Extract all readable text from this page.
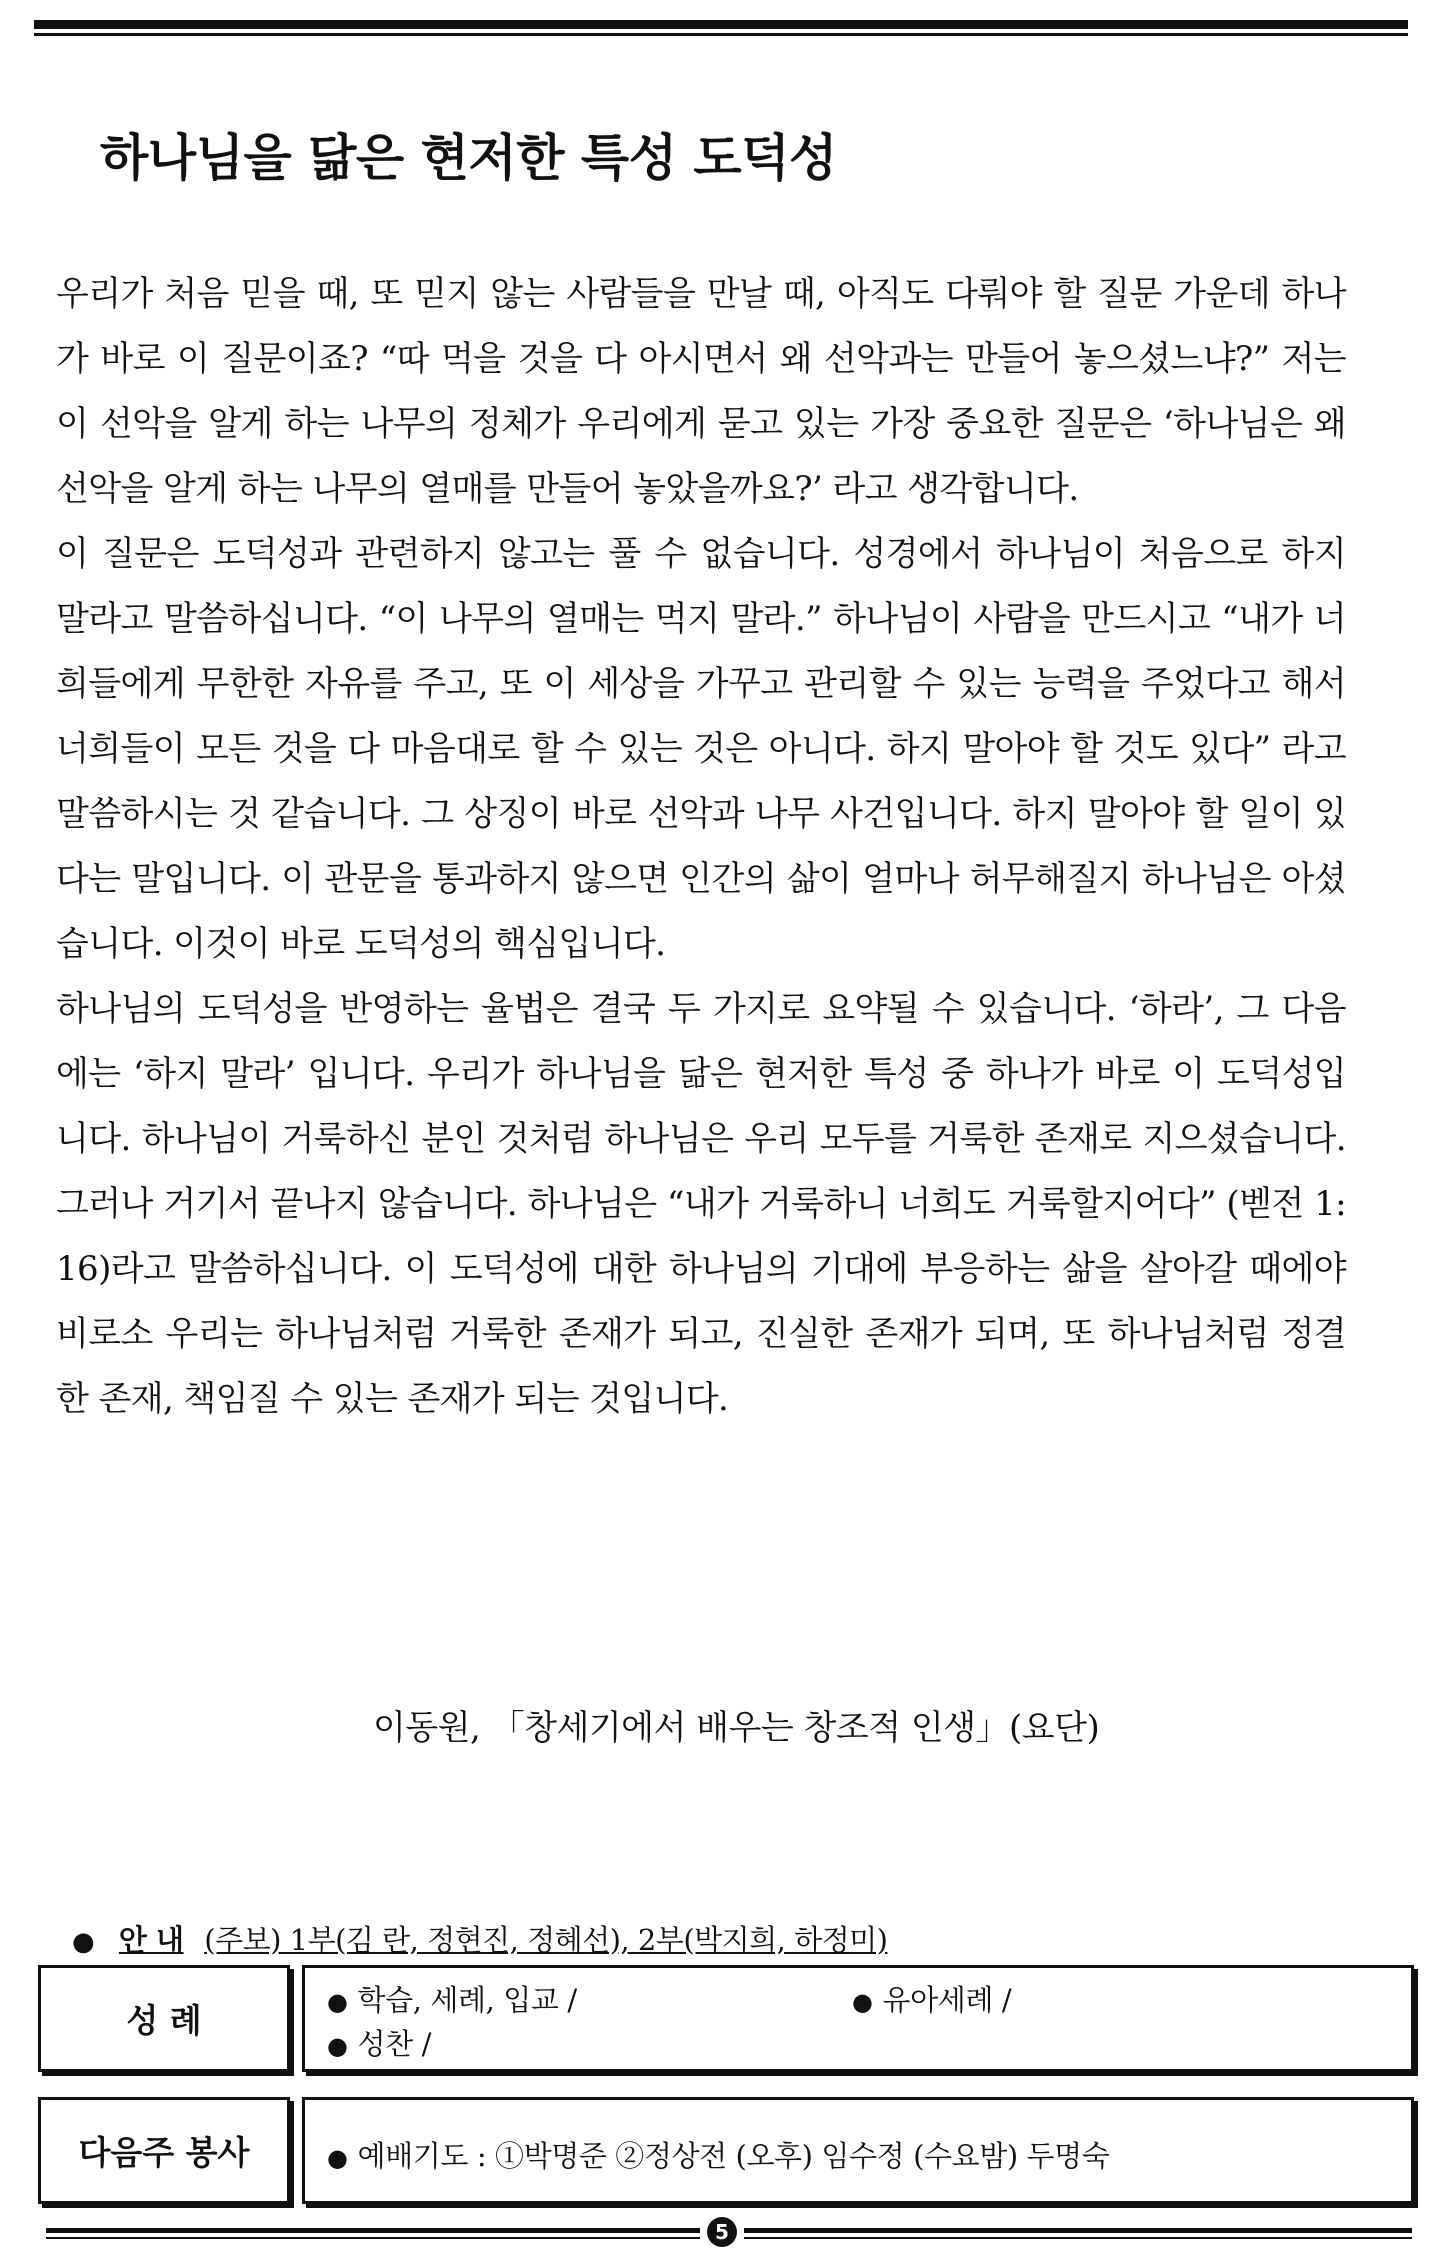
하나님을 닮은 현저한 특성 도덕성

우리가 처음 믿을 때, 또 믿지 않는 사람들을 만날 때, 아직도 다뤄야 할 질문 가운데 하나가 바로 이 질문이죠? “따 먹을 것을 다 아시면서 왜 선악과는 만들어 놓으셨느냐?” 저는 이 선악을 알게 하는 나무의 정체가 우리에게 묻고 있는 가장 중요한 질문은 ‘하나님은 왜 선악을 알게 하는 나무의 열매를 만들어 놓았을까요?’ 라고 생각합니다.

이 질문은 도덕성과 관련하지 않고는 풀 수 없습니다. 성경에서 하나님이 처음으로 하지 말라고 말씀하십니다. “이 나무의 열매는 먹지 말라.” 하나님이 사람을 만드시고 “내가 너희들에게 무한한 자유를 주고, 또 이 세상을 가꾸고 관리할 수 있는 능력을 주었다고 해서 너희들이 모든 것을 다 마음대로 할 수 있는 것은 아니다. 하지 말아야 할 것도 있다” 라고 말씀하시는 것 같습니다. 그 상징이 바로 선악과 나무 사건입니다. 하지 말아야 할 일이 있다는 말입니다. 이 관문을 통과하지 않으면 인간의 삶이 얼마나 허무해질지 하나님은 아셨습니다. 이것이 바로 도덕성의 핵심입니다.

하나님의 도덕성을 반영하는 율법은 결국 두 가지로 요약될 수 있습니다. ‘하라’, 그 다음에는 ‘하지 말라’ 입니다. 우리가 하나님을 닮은 현저한 특성 중 하나가 바로 이 도덕성입니다. 하나님이 거룩하신 분인 것처럼 하나님은 우리 모두를 거룩한 존재로 지으셨습니다. 그러나 거기서 끝나지 않습니다. 하나님은 “내가 거룩하니 너희도 거룩할지어다” (벧전 1:16)라고 말씀하십니다. 이 도덕성에 대한 하나님의 기대에 부응하는 삶을 살아갈 때에야 비로소 우리는 하나님처럼 거룩한 존재가 되고, 진실한 존재가 되며, 또 하나님처럼 정결한 존재, 책임질 수 있는 존재가 되는 것입니다.

이동원, 「창세기에서 배우는 창조적 인생」(요단)
● 안 내 (주보) 1부(김 란, 정현진, 정혜선), 2부(박지희, 하정미)
성 례	● 학습, 세례, 입교 /	● 유아세례 /
● 성찬 /
다음주 봉사	● 예배기도 : ①박명준 ②정상전 (오후) 임수정 (수요밤) 두명숙
5
